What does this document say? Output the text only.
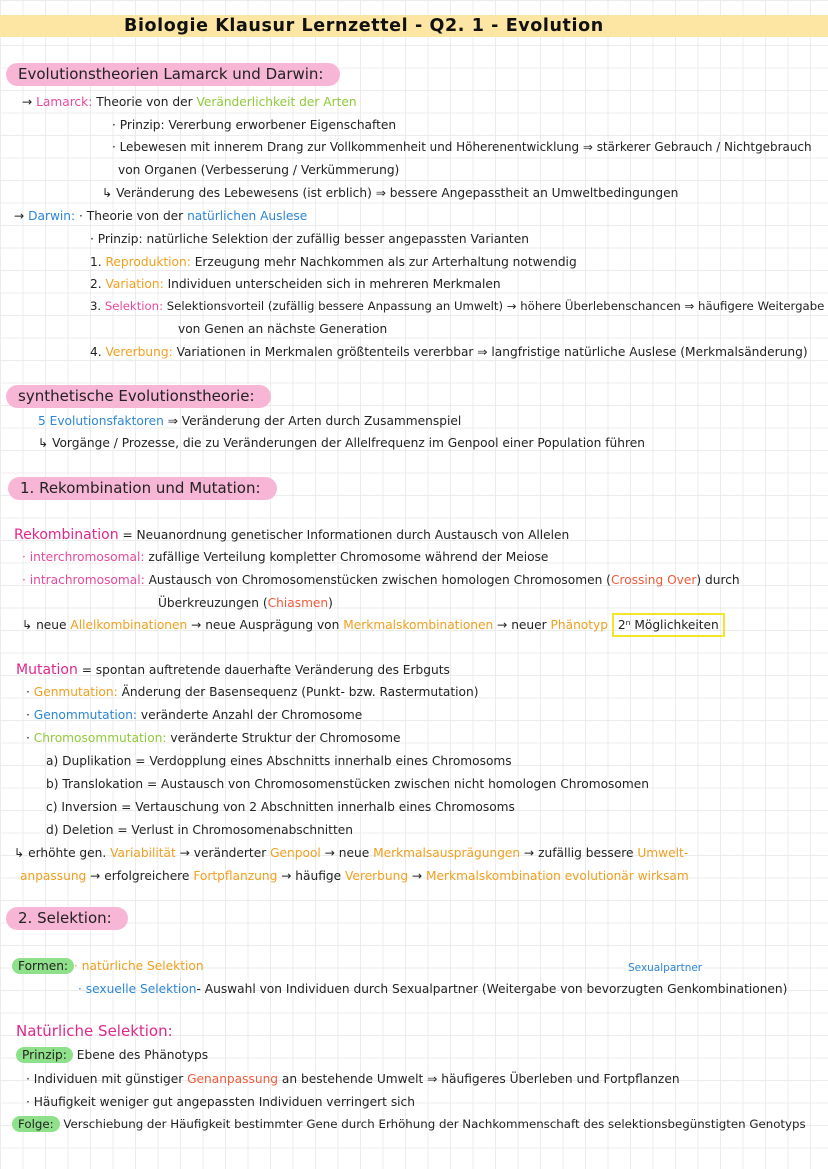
Biologie Klausur Lernzettel - Q2. 1 - Evolution
Evolutionstheorien Lamarck und Darwin:
→ Lamarck: Theorie von der Veränderlichkeit der Arten
· Prinzip: Vererbung erworbener Eigenschaften
· Lebewesen mit innerem Drang zur Vollkommenheit und Höherenentwicklung ⇒ stärkerer Gebrauch / Nichtgebrauch
von Organen (Verbesserung / Verkümmerung)
↳ Veränderung des Lebewesens (ist erblich) ⇒ bessere Angepasstheit an Umweltbedingungen
→ Darwin: · Theorie von der natürlichen Auslese
· Prinzip: natürliche Selektion der zufällig besser angepassten Varianten
1. Reproduktion: Erzeugung mehr Nachkommen als zur Arterhaltung notwendig
2. Variation: Individuen unterscheiden sich in mehreren Merkmalen
3. Selektion: Selektionsvorteil (zufällig bessere Anpassung an Umwelt) → höhere Überlebenschancen ⇒ häufigere Weitergabe
von Genen an nächste Generation
4. Vererbung: Variationen in Merkmalen größtenteils vererbbar ⇒ langfristige natürliche Auslese (Merkmalsänderung)
synthetische Evolutionstheorie:
5 Evolutionsfaktoren ⇒ Veränderung der Arten durch Zusammenspiel
↳ Vorgänge / Prozesse, die zu Veränderungen der Allelfrequenz im Genpool einer Population führen
1. Rekombination und Mutation:
Rekombination = Neuanordnung genetischer Informationen durch Austausch von Allelen
· interchromosomal: zufällige Verteilung kompletter Chromosome während der Meiose
· intrachromosomal: Austausch von Chromosomenstücken zwischen homologen Chromosomen (Crossing Over) durch
Überkreuzungen (Chiasmen)
↳ neue Allelkombinationen → neue Ausprägung von Merkmalskombinationen → neuer Phänotyp 2ⁿ Möglichkeiten
Mutation = spontan auftretende dauerhafte Veränderung des Erbguts
· Genmutation: Änderung der Basensequenz (Punkt- bzw. Rastermutation)
· Genommutation: veränderte Anzahl der Chromosome
· Chromosommutation: veränderte Struktur der Chromosome
a) Duplikation = Verdopplung eines Abschnitts innerhalb eines Chromosoms
b) Translokation = Austausch von Chromosomenstücken zwischen nicht homologen Chromosomen
c) Inversion = Vertauschung von 2 Abschnitten innerhalb eines Chromosoms
d) Deletion = Verlust in Chromosomenabschnitten
↳ erhöhte gen. Variabilität → veränderter Genpool → neue Merkmalsausprägungen → zufällig bessere Umwelt-
anpassung → erfolgreichere Fortpflanzung → häufige Vererbung → Merkmalskombination evolutionär wirksam
2. Selektion:
Formen: · natürliche Selektion	Sexualpartner
· sexuelle Selektion- Auswahl von Individuen durch Sexualpartner (Weitergabe von bevorzugten Genkombinationen)
Natürliche Selektion:
Prinzip: Ebene des Phänotyps
· Individuen mit günstiger Genanpassung an bestehende Umwelt ⇒ häufigeres Überleben und Fortpflanzen
· Häufigkeit weniger gut angepassten Individuen verringert sich
Folge: Verschiebung der Häufigkeit bestimmter Gene durch Erhöhung der Nachkommenschaft des selektionsbegünstigten Genotyps
